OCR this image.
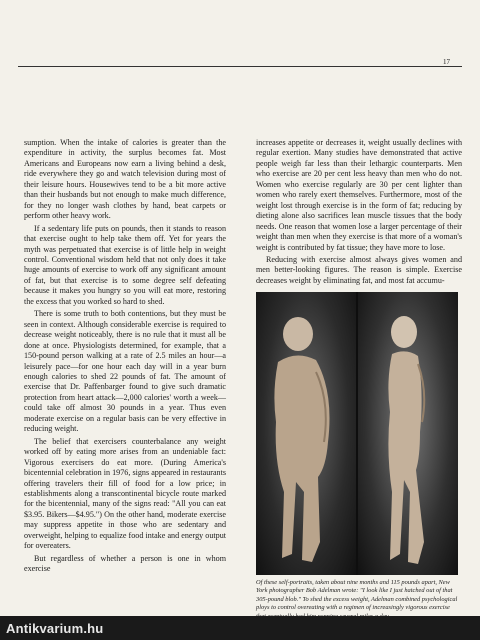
17

sumption. When the intake of calories is greater than the expenditure in activity, the surplus becomes fat. Most Americans and Europeans now earn a living behind a desk, ride everywhere they go and watch television during most of their leisure hours. Housewives tend to be a bit more active than their husbands but not enough to make much difference, for they no longer wash clothes by hand, beat carpets or perform other heavy work.

If a sedentary life puts on pounds, then it stands to reason that exercise ought to help take them off. Yet for years the myth was perpetuated that exercise is of little help in weight control. Conventional wisdom held that not only does it take huge amounts of exercise to work off any significant amount of fat, but that exercise is to some degree self defeating because it makes you hungry so you will eat more, restoring the excess that you worked so hard to shed.

There is some truth to both contentions, but they must be seen in context. Although considerable exercise is required to decrease weight noticeably, there is no rule that it must all be done at once. Physiologists determined, for example, that a 150-pound person walking at a rate of 2.5 miles an hour—a leisurely pace—for one hour each day will in a year burn enough calories to shed 22 pounds of fat. The amount of exercise that Dr. Paffenbarger found to give such dramatic protection from heart attack—2,000 calories' worth a week—could take off almost 30 pounds in a year. Thus even moderate exercise on a regular basis can be very effective in reducing weight.

The belief that exercisers counterbalance any weight worked off by eating more arises from an undeniable fact: Vigorous exercisers do eat more. (During America's bicentennial celebration in 1976, signs appeared in restaurants offering travelers their fill of food for a low price; in establishments along a transcontinental bicycle route marked for the bicentennial, many of the signs read: "All you can eat $3.95. Bikers—$4.95.") On the other hand, moderate exercise may suppress appetite in those who are sedentary and overweight, helping to equalize food intake and energy output for overeaters.

But regardless of whether a person is one in whom exercise

increases appetite or decreases it, weight usually declines with regular exertion. Many studies have demonstrated that active people weigh far less than their lethargic counterparts. Men who exercise are 20 per cent less heavy than men who do not. Women who exercise regularly are 30 per cent lighter than women who rarely exert themselves. Furthermore, most of the weight lost through exercise is in the form of fat; reducing by dieting alone also sacrifices lean muscle tissues that the body needs. One reason that women lose a larger percentage of their weight than men when they exercise is that more of a woman's weight is contributed by fat tissue; they have more to lose.

Reducing with exercise almost always gives women and men better-looking figures. The reason is simple. Exercise decreases weight by eliminating fat, and most fat accumu-

Of these self-portraits, taken about nine months and 115 pounds apart, New York photographer Bob Adelman wrote: "I look like I just hatched out of that 305-pound blob." To shed the excess weight, Adelman combined psychological ploys to control overeating with a regimen of increasingly vigorous exercise
Antikvarium.hu
